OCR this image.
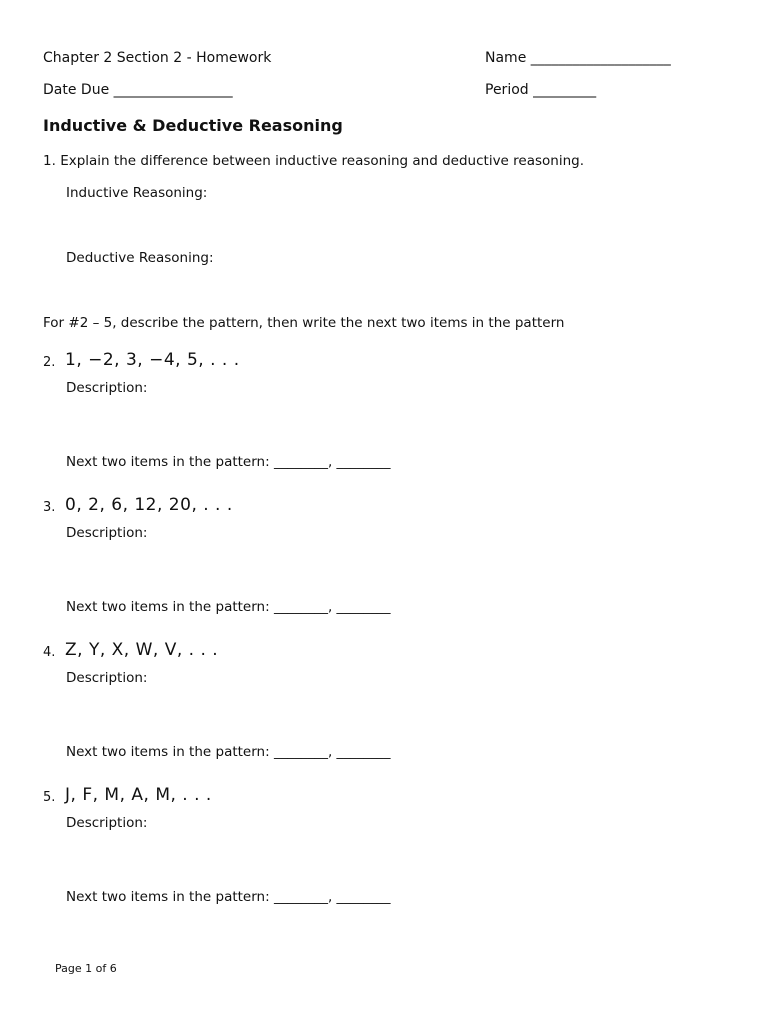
Chapter 2 Section 2 - Homework	Name ____________________
Date Due _________________	Period _________
Inductive & Deductive Reasoning
1. Explain the difference between inductive reasoning and deductive reasoning.
Inductive Reasoning:
Deductive Reasoning:
For #2 – 5, describe the pattern, then write the next two items in the pattern
2. 1, −2, 3, −4, 5, . . .
Description:
Next two items in the pattern: ________, ________
3. 0, 2, 6, 12, 20, . . .
Description:
Next two items in the pattern: ________, ________
4. Z, Y, X, W, V, . . .
Description:
Next two items in the pattern: ________, ________
5. J, F, M, A, M, . . .
Description:
Next two items in the pattern: ________, ________
Page 1 of 6
